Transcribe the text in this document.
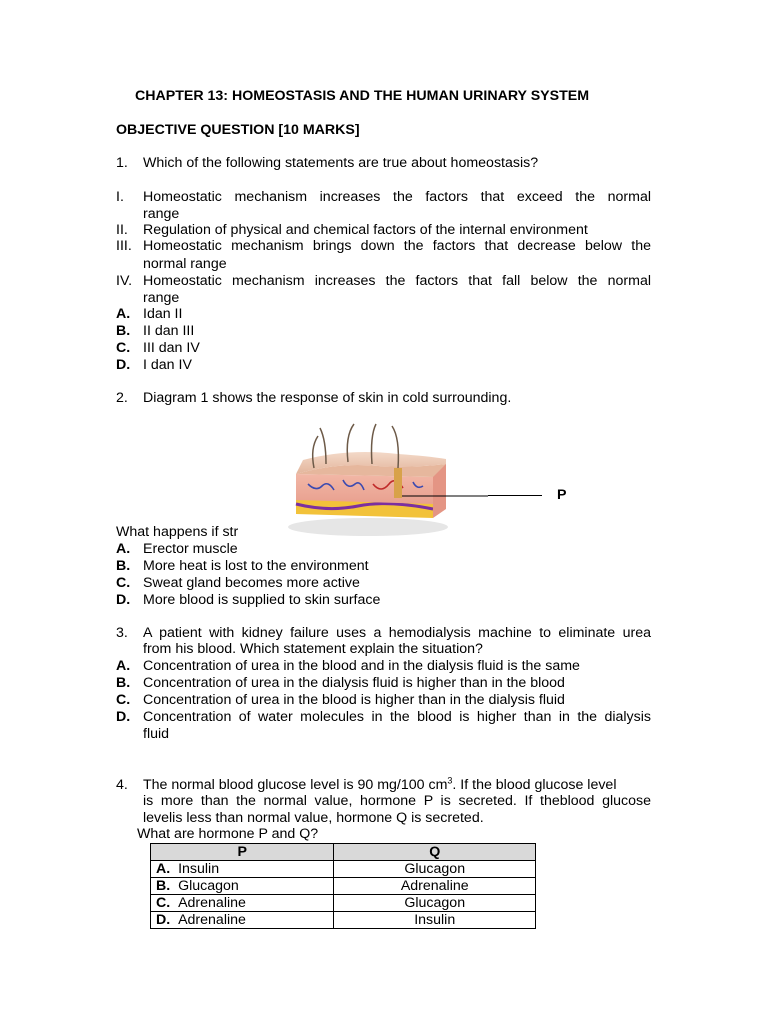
CHAPTER 13: HOMEOSTASIS AND THE HUMAN URINARY SYSTEM
OBJECTIVE QUESTION [10 MARKS]
1. Which of the following statements are true about homeostasis?
I. Homeostatic mechanism increases the factors that exceed the normal
range
II. Regulation of physical and chemical factors of the internal environment
III. Homeostatic mechanism brings down the factors that decrease below the
normal range
IV. Homeostatic mechanism increases the factors that fall below the normal
range
A. Idan II
B. II dan III
C. III dan IV
D. I dan IV
2. Diagram 1 shows the response of skin in cold surrounding.
P
What happens if str
A. Erector muscle
B. More heat is lost to the environment
C. Sweat gland becomes more active
D. More blood is supplied to skin surface
3. A patient with kidney failure uses a hemodialysis machine to eliminate urea
from his blood. Which statement explain the situation?
A. Concentration of urea in the blood and in the dialysis fluid is the same
B. Concentration of urea in the dialysis fluid is higher than in the blood
C. Concentration of urea in the blood is higher than in the dialysis fluid
D. Concentration of water molecules in the blood is higher than in the dialysis
fluid
4. The normal blood glucose level is 90 mg/100 $cm^3$. If the blood glucose level
is more than the normal value, hormone P is secreted. If theblood glucose
levelis less than normal value, hormone Q is secreted.
What are hormone P and Q?
P	Q
A. Insulin	Glucagon
B. Glucagon	Adrenaline
C. Adrenaline	Glucagon
D. Adrenaline	Insulin
